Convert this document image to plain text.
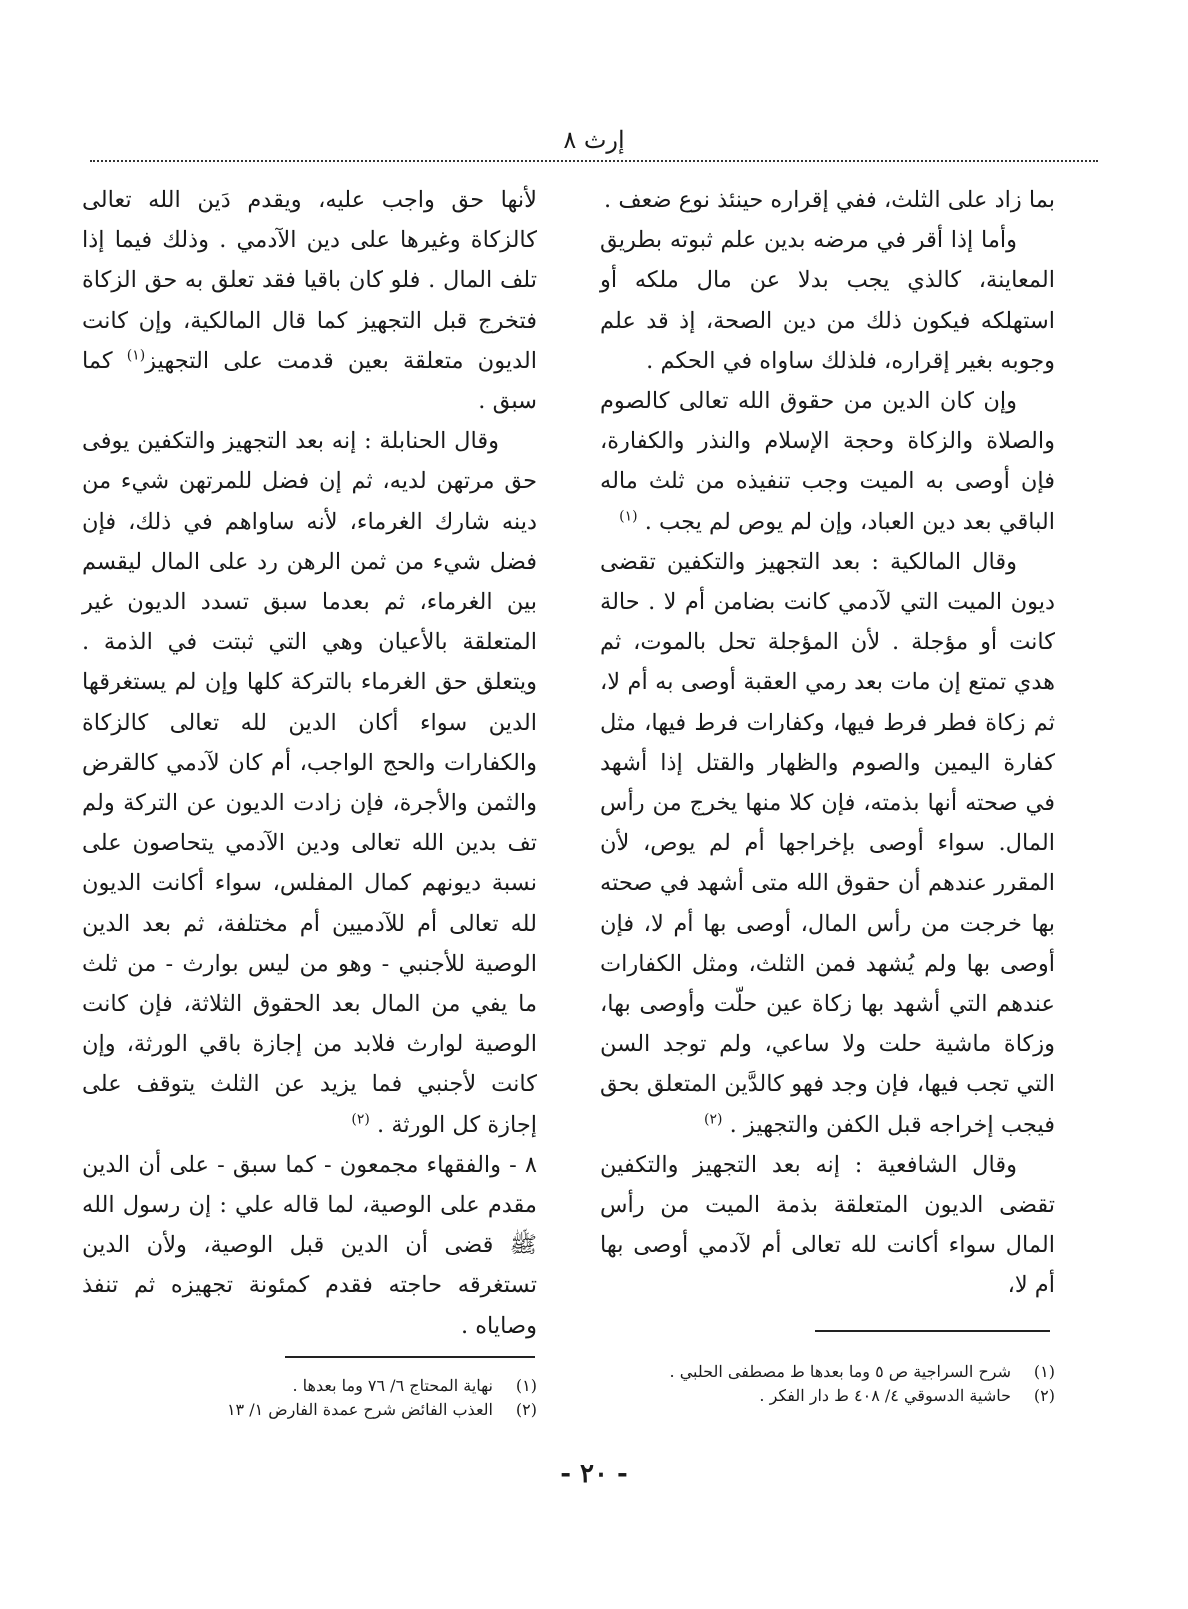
إرث ٨

بما زاد على الثلث، ففي إقراره حينئذ نوع ضعف .

وأما إذا أقر في مرضه بدين علم ثبوته بطريق المعاينة، كالذي يجب بدلا عن مال ملكه أو استهلكه فيكون ذلك من دين الصحة، إذ قد علم وجوبه بغير إقراره، فلذلك ساواه في الحكم .

وإن كان الدين من حقوق الله تعالى كالصوم والصلاة والزكاة وحجة الإسلام والنذر والكفارة، فإن أوصى به الميت وجب تنفيذه من ثلث ماله الباقي بعد دين العباد، وإن لم يوص لم يجب . $^{(١)}$

وقال المالكية : بعد التجهيز والتكفين تقضى ديون الميت التي لآدمي كانت بضامن أم لا . حالة كانت أو مؤجلة . لأن المؤجلة تحل بالموت، ثم هدي تمتع إن مات بعد رمي العقبة أوصى به أم لا، ثم زكاة فطر فرط فيها، وكفارات فرط فيها، مثل كفارة اليمين والصوم والظهار والقتل إذا أشهد في صحته أنها بذمته، فإن كلا منها يخرج من رأس المال. سواء أوصى بإخراجها أم لم يوص، لأن المقرر عندهم أن حقوق الله متى أشهد في صحته بها خرجت من رأس المال، أوصى بها أم لا، فإن أوصى بها ولم يُشهد فمن الثلث، ومثل الكفارات عندهم التي أشهد بها زكاة عين حلّت وأوصى بها، وزكاة ماشية حلت ولا ساعي، ولم توجد السن التي تجب فيها، فإن وجد فهو كالدَّين المتعلق بحق فيجب إخراجه قبل الكفن والتجهيز . $^{(٢)}$

وقال الشافعية : إنه بعد التجهيز والتكفين تقضى الديون المتعلقة بذمة الميت من رأس المال سواء أكانت لله تعالى أم لآدمي أوصى بها أم لا،

لأنها حق واجب عليه، ويقدم دَين الله تعالى كالزكاة وغيرها على دين الآدمي . وذلك فيما إذا تلف المال . فلو كان باقيا فقد تعلق به حق الزكاة فتخرج قبل التجهيز كما قال المالكية، وإن كانت الديون متعلقة بعين قدمت على التجهيز$^{(١)}$ كما سبق .

وقال الحنابلة : إنه بعد التجهيز والتكفين يوفى حق مرتهن لديه، ثم إن فضل للمرتهن شيء من دينه شارك الغرماء، لأنه ساواهم في ذلك، فإن فضل شيء من ثمن الرهن رد على المال ليقسم بين الغرماء، ثم بعدما سبق تسدد الديون غير المتعلقة بالأعيان وهي التي ثبتت في الذمة . ويتعلق حق الغرماء بالتركة كلها وإن لم يستغرقها الدين سواء أكان الدين لله تعالى كالزكاة والكفارات والحج الواجب، أم كان لآدمي كالقرض والثمن والأجرة، فإن زادت الديون عن التركة ولم تف بدين الله تعالى ودين الآدمي يتحاصون على نسبة ديونهم كمال المفلس، سواء أكانت الديون لله تعالى أم للآدميين أم مختلفة، ثم بعد الدين الوصية للأجنبي - وهو من ليس بوارث - من ثلث ما يفي من المال بعد الحقوق الثلاثة، فإن كانت الوصية لوارث فلابد من إجازة باقي الورثة، وإن كانت لأجنبي فما يزيد عن الثلث يتوقف على إجازة كل الورثة . $^{(٢)}$

٨ - والفقهاء مجمعون - كما سبق - على أن الدين مقدم على الوصية، لما قاله علي : إن رسول الله ﷺ قضى أن الدين قبل الوصية، ولأن الدين تستغرقه حاجته فقدم كمئونة تجهيزه ثم تنفذ وصاياه .

(١)
شرح السراجية ص ٥ وما بعدها ط مصطفى الحلبي .
(٢)
حاشية الدسوقي ٤/ ٤٠٨ ط دار الفكر .
(١)
نهاية المحتاج ٦/ ٧٦ وما بعدها .
(٢)
العذب الفائض شرح عمدة الفارض ١/ ١٣
- ٢٠ -
